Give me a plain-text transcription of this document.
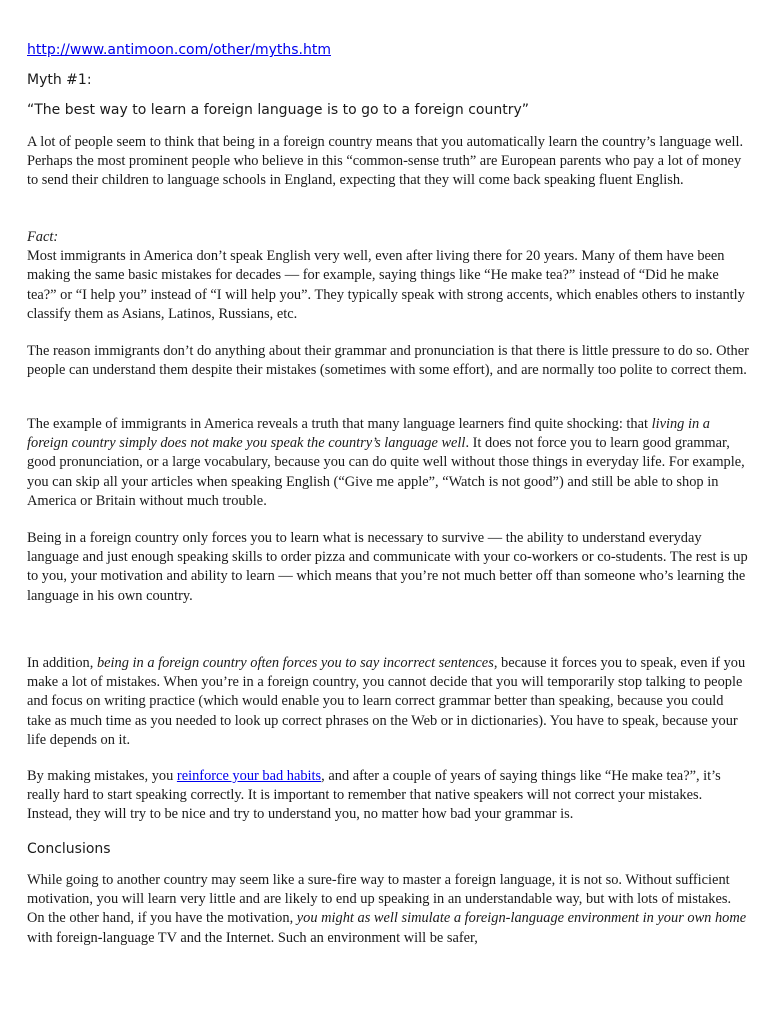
http://www.antimoon.com/other/myths.htm

Myth #1:

“The best way to learn a foreign language is to go to a foreign country”

A lot of people seem to think that being in a foreign country means that you automatically learn the country’s language well. Perhaps the most prominent people who believe in this “common-sense truth” are European parents who pay a lot of money to send their children to language schools in England, expecting that they will come back speaking fluent English.

Fact:
Most immigrants in America don’t speak English very well, even after living there for 20 years. Many of them have been making the same basic mistakes for decades — for example, saying things like “He make tea?” instead of “Did he make tea?” or “I help you” instead of “I will help you”. They typically speak with strong accents, which enables others to instantly classify them as Asians, Latinos, Russians, etc.

The reason immigrants don’t do anything about their grammar and pronunciation is that there is little pressure to do so. Other people can understand them despite their mistakes (sometimes with some effort), and are normally too polite to correct them.

The example of immigrants in America reveals a truth that many language learners find quite shocking: that living in a foreign country simply does not make you speak the country’s language well. It does not force you to learn good grammar, good pronunciation, or a large vocabulary, because you can do quite well without those things in everyday life. For example, you can skip all your articles when speaking English (“Give me apple”, “Watch is not good”) and still be able to shop in America or Britain without much trouble.

Being in a foreign country only forces you to learn what is necessary to survive — the ability to understand everyday language and just enough speaking skills to order pizza and communicate with your co-workers or co-students. The rest is up to you, your motivation and ability to learn — which means that you’re not much better off than someone who’s learning the language in his own country.

In addition, being in a foreign country often forces you to say incorrect sentences, because it forces you to speak, even if you make a lot of mistakes. When you’re in a foreign country, you cannot decide that you will temporarily stop talking to people and focus on writing practice (which would enable you to learn correct grammar better than speaking, because you could take as much time as you needed to look up correct phrases on the Web or in dictionaries). You have to speak, because your life depends on it.

By making mistakes, you reinforce your bad habits, and after a couple of years of saying things like “He make tea?”, it’s really hard to start speaking correctly. It is important to remember that native speakers will not correct your mistakes. Instead, they will try to be nice and try to understand you, no matter how bad your grammar is.

Conclusions

While going to another country may seem like a sure-fire way to master a foreign language, it is not so. Without sufficient motivation, you will learn very little and are likely to end up speaking in an understandable way, but with lots of mistakes. On the other hand, if you have the motivation, you might as well simulate a foreign-language environment in your own home with foreign-language TV and the Internet. Such an environment will be safer,
